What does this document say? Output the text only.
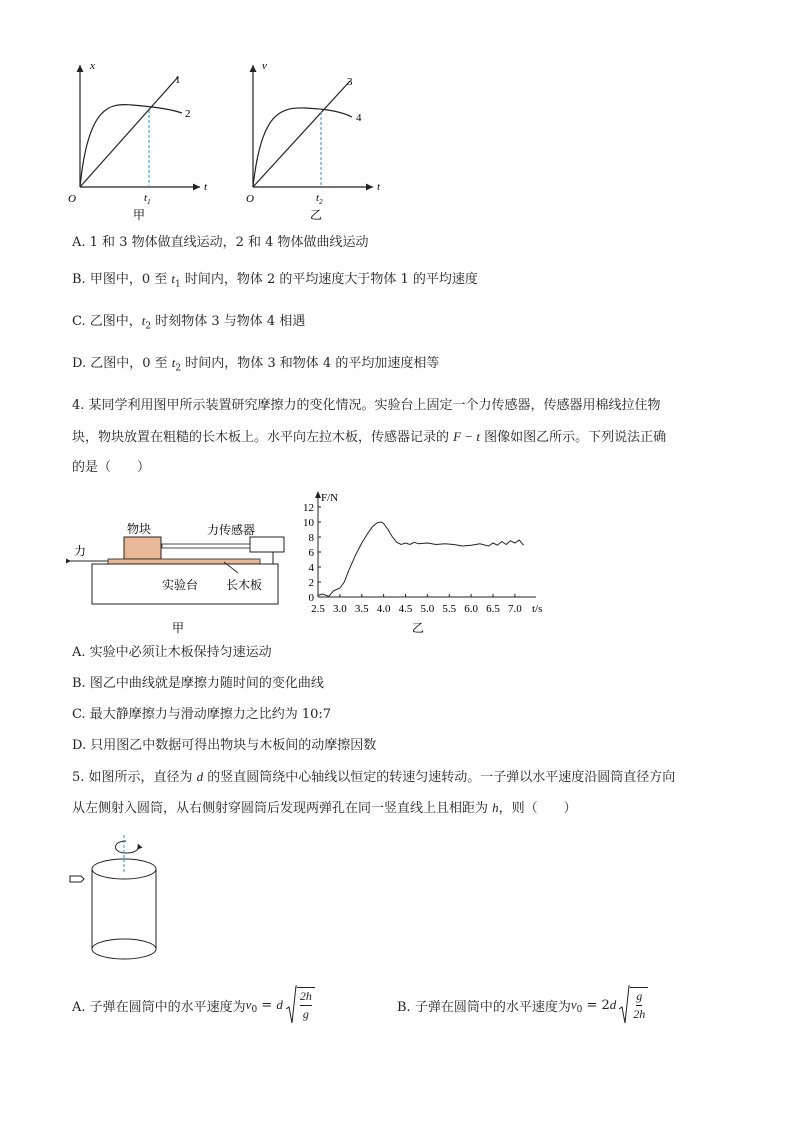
x
t
O	$t_1$
1
2
甲
v
t
O	$t_2$
3
4
乙
A. 1 和 3 物体做直线运动，2 和 4 物体做曲线运动
B. 甲图中，0 至 $t_1$ 时间内，物体 2 的平均速度大于物体 1 的平均速度
C. 乙图中，$t_2$ 时刻物体 3 与物体 4 相遇
D. 乙图中，0 至 $t_2$ 时间内，物体 3 和物体 4 的平均加速度相等
4. 某同学利用图甲所示装置研究摩擦力的变化情况。实验台上固定一个力传感器，传感器用棉线拉住物
块，物块放置在粗糙的长木板上。水平向左拉木板，传感器记录的 F − t 图像如图乙所示。下列说法正确
的是（　　）
物块	力传感器
力
实验台 长木板
甲
F/N
t/s
0
2
4
6
8
10
12
2.5 3.0 3.5 4.0 4.5 5.0 5.5 6.0 6.5 7.0
乙
A. 实验中必须让木板保持匀速运动
B. 图乙中曲线就是摩擦力随时间的变化曲线
C. 最大静摩擦力与滑动摩擦力之比约为 10:7
D. 只用图乙中数据可得出物块与木板间的动摩擦因数
5. 如图所示，直径为 d 的竖直圆筒绕中心轴线以恒定的转速匀速转动。一子弹以水平速度沿圆筒直径方向
从左侧射入圆筒，从右侧射穿圆筒后发现两弹孔在同一竖直线上且相距为 h，则（　　）
A. 子弹在圆筒中的水平速度为 $v_0 = d$
2h
g	B. 子弹在圆筒中的水平速度为 $v_0 = 2$ d
g
2h
